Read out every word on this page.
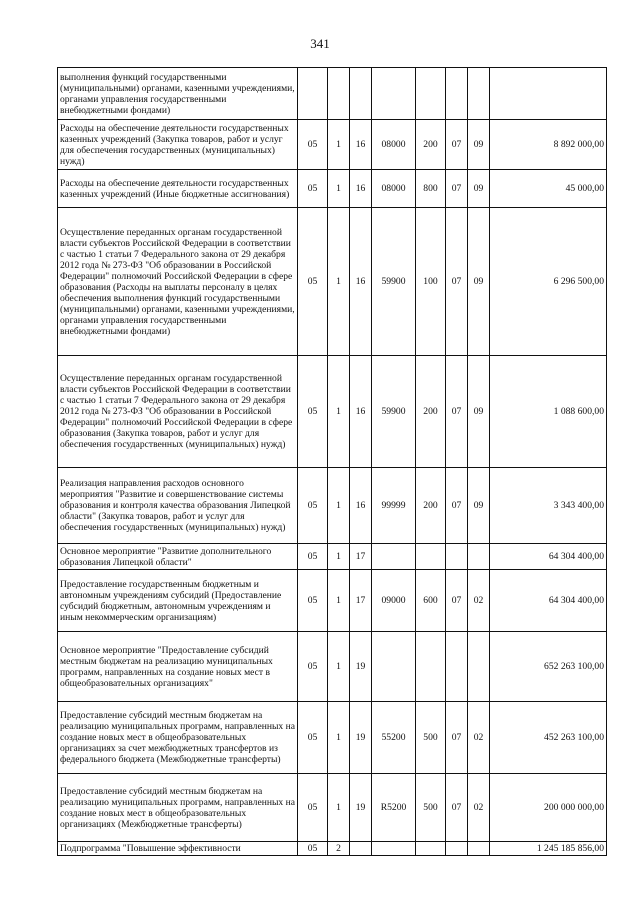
341
выполнения функций государственными (муниципальными) органами, казенными учреждениями, органами управления государственными внебюджетными фондами)								
Расходы на обеспечение деятельности государственных казенных учреждений (Закупка товаров, работ и услуг для обеспечения государственных (муниципальных) нужд)	05	1	16	08000	200	07	09	8 892 000,00
Расходы на обеспечение деятельности государственных казенных учреждений (Иные бюджетные ассигнования)	05	1	16	08000	800	07	09	45 000,00
Осуществление переданных органам государственной власти субъектов Российской Федерации в соответствии с частью 1 статьи 7 Федерального закона от 29 декабря 2012 года № 273-ФЗ "Об образовании в Российской Федерации" полномочий Российской Федерации в сфере образования (Расходы на выплаты персоналу в целях обеспечения выполнения функций государственными (муниципальными) органами, казенными учреждениями, органами управления государственными внебюджетными фондами)	05	1	16	59900	100	07	09	6 296 500,00
Осуществление переданных органам государственной власти субъектов Российской Федерации в соответствии с частью 1 статьи 7 Федерального закона от 29 декабря 2012 года № 273-ФЗ "Об образовании в Российской Федерации" полномочий Российской Федерации в сфере образования (Закупка товаров, работ и услуг для обеспечения государственных (муниципальных) нужд)	05	1	16	59900	200	07	09	1 088 600,00
Реализация направления расходов основного мероприятия "Развитие и совершенствование системы образования и контроля качества образования Липецкой области" (Закупка товаров, работ и услуг для обеспечения государственных (муниципальных) нужд)	05	1	16	99999	200	07	09	3 343 400,00
Основное мероприятие "Развитие дополнительного образования Липецкой области"	05	1	17					64 304 400,00
Предоставление государственным бюджетным и автономным учреждениям субсидий (Предоставление субсидий бюджетным, автономным учреждениям и иным некоммерческим организациям)	05	1	17	09000	600	07	02	64 304 400,00
Основное мероприятие "Предоставление субсидий местным бюджетам на реализацию муниципальных программ, направленных на создание новых мест в общеобразовательных организациях"	05	1	19					652 263 100,00
Предоставление субсидий местным бюджетам на реализацию муниципальных программ, направленных на создание новых мест в общеобразовательных организациях за счет межбюджетных трансфертов из федерального бюджета (Межбюджетные трансферты)	05	1	19	55200	500	07	02	452 263 100,00
Предоставление субсидий местным бюджетам на реализацию муниципальных программ, направленных на создание новых мест в общеобразовательных организациях (Межбюджетные трансферты)	05	1	19	R5200	500	07	02	200 000 000,00
Подпрограмма "Повышение эффективности	05	2						1 245 185 856,00
